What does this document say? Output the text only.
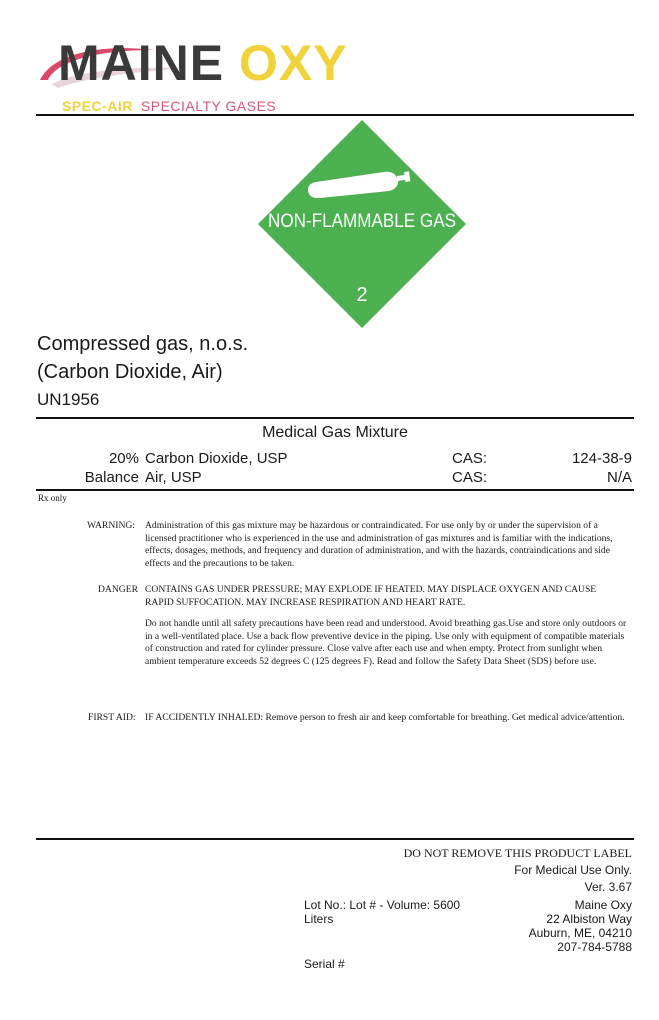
MAINE OXY
SPEC-AIR SPECIALTY GASES
NON-FLAMMABLE GAS
2
Compressed gas, n.o.s.
(Carbon Dioxide, Air)
UN1956
Medical Gas Mixture
20% Carbon Dioxide, USP	CAS:	124-38-9
Balance Air, USP	CAS:	N/A
Rx only
WARNING: Administration of this gas mixture may be hazardous or contraindicated. For use only by or under the supervision of a licensed practitioner who is experienced in the use and administration of gas mixtures and is familiar with the indications, effects, dosages, methods, and frequency and duration of administration, and with the hazards, contraindications and side effects and the precautions to be taken.
DANGER CONTAINS GAS UNDER PRESSURE; MAY EXPLODE IF HEATED. MAY DISPLACE OXYGEN AND CAUSE RAPID SUFFOCATION. MAY INCREASE RESPIRATION AND HEART RATE.
Do not handle until all safety precautions have been read and understood. Avoid breathing gas.Use and store only outdoors or in a well-ventilated place. Use a back flow preventive device in the piping. Use only with equipment of compatible materials of construction and rated for cylinder pressure. Close valve after each use and when empty. Protect from sunlight when ambient temperature exceeds 52 degrees C (125 degrees F). Read and follow the Safety Data Sheet (SDS) before use.
FIRST AID: IF ACCIDENTLY INHALED: Remove person to fresh air and keep comfortable for breathing. Get medical advice/attention.
DO NOT REMOVE THIS PRODUCT LABEL
For Medical Use Only.
Ver. 3.67
Lot No.: Lot # - Volume: 5600
Liters
Serial #
Maine Oxy
22 Albiston Way
Auburn, ME, 04210
207-784-5788
